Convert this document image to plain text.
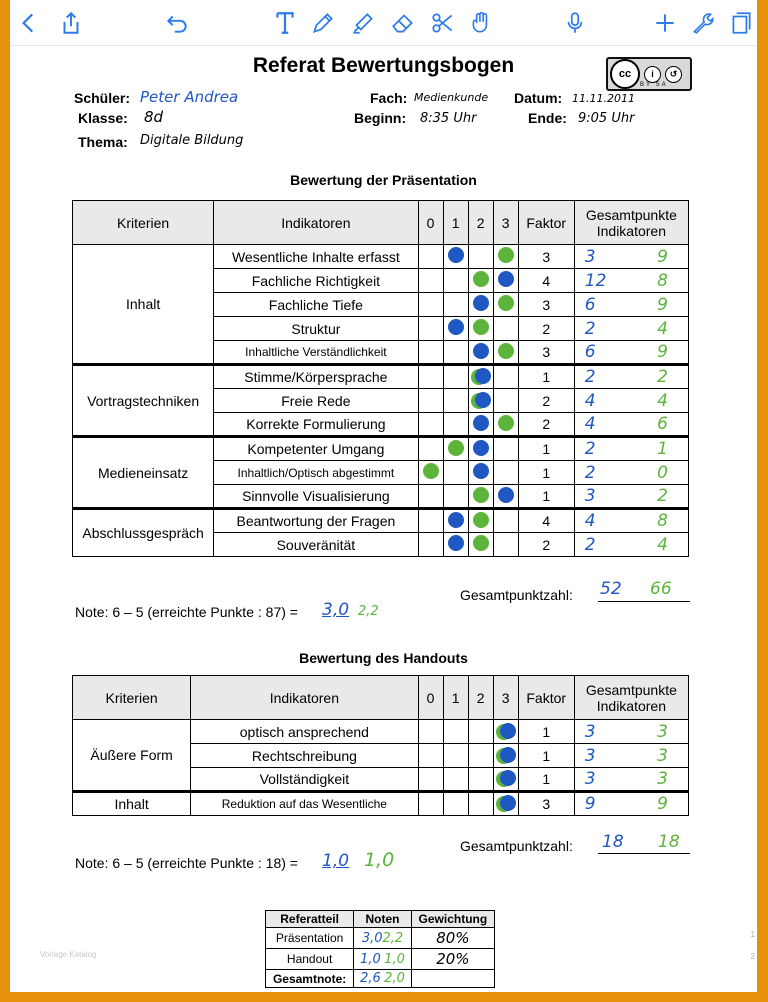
Referat Bewertungsbogen	cc	i	↺
BY SA
Schüler: Peter Andrea
Klasse: 8d
Thema: Digitale Bildung
Fach: Medienkunde Datum: 11.11.2011
Beginn: 8:35 Uhr	Ende: 9:05 Uhr
Bewertung der Präsentation
Kriterien	Indikatoren	0	1	2	3	Faktor	Gesamtpunkte Indikatoren
Inhalt	Wesentliche Inhalte erfasst					3	3 9

	Fachliche Richtigkeit					4	12 8

	Fachliche Tiefe					3	6 9

	Struktur					2	2 4

	Inhaltliche Verständlichkeit					3	6 9

Vortragstechniken	Stimme/Körpersprache					1	2 2

	Freie Rede					2	4 4

	Korrekte Formulierung					2	4 6

Medieneinsatz	Kompetenter Umgang					1	2 1

	Inhaltlich/Optisch abgestimmt					1	2 0

	Sinnvolle Visualisierung					1	3 2

Abschlussgespräch	Beantwortung der Fragen					4	4 8

	Souveränität					2	2 4
Gesamtpunktzahl: 52 66
Note: 6 – 5 (erreichte Punkte : 87) = 3,0 2,2
Bewertung des Handouts
Kriterien	Indikatoren	0	1	2	3	Faktor	Gesamtpunkte Indikatoren
Äußere Form	optisch ansprechend					1	3 3

	Rechtschreibung					1	3 3

	Vollständigkeit					1	3 3

Inhalt	Reduktion auf das Wesentliche					3	9 9
Gesamtpunktzahl: 18 18
Note: 6 – 5 (erreichte Punkte : 18) = 1,0 1,0
Referatteil	Noten	Gewichtung
Präsentation	3,02,2	80%
Handout	1,0 1,0	20%
Gesamtnote:	2,6 2,0	
Vorlage Katalog
1
2
